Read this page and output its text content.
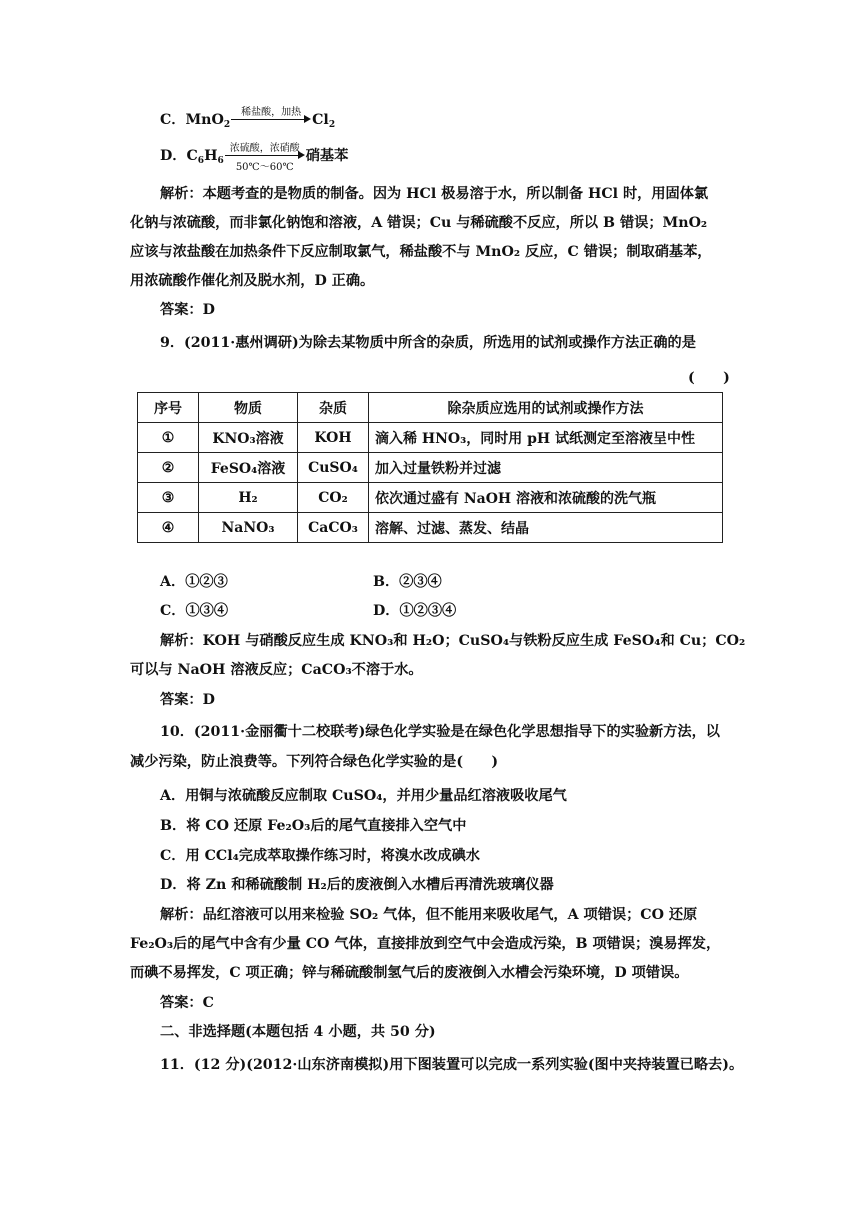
C．MnO$_2$
稀盐酸，加热 $Cl_2$
D．$C_6H_6$
浓硫酸，浓硝酸
50℃～60℃
硝基苯
解析：本题考查的是物质的制备。因为 HCl 极易溶于水，所以制备 HCl 时，用固体氯
化钠与浓硫酸，而非氯化钠饱和溶液，A 错误；Cu 与稀硫酸不反应，所以 B 错误；MnO₂
应该与浓盐酸在加热条件下反应制取氯气，稀盐酸不与 MnO₂ 反应，C 错误；制取硝基苯，
用浓硫酸作催化剂及脱水剂，D 正确。
答案：D
9．(2011·惠州调研)为除去某物质中所含的杂质，所选用的试剂或操作方法正确的是
(　　)
序号	物质	杂质	除杂质应选用的试剂或操作方法
①	KNO₃溶液	KOH	滴入稀 HNO₃，同时用 pH 试纸测定至溶液呈中性
②	FeSO₄溶液	CuSO₄	加入过量铁粉并过滤
③	H₂	CO₂	依次通过盛有 NaOH 溶液和浓硫酸的洗气瓶
④	NaNO₃	CaCO₃	溶解、过滤、蒸发、结晶
A．①②③	B．②③④
C．①③④	D．①②③④
解析：KOH 与硝酸反应生成 KNO₃和 H₂O；CuSO₄与铁粉反应生成 FeSO₄和 Cu；CO₂
可以与 NaOH 溶液反应；CaCO₃不溶于水。
答案：D
10．(2011·金丽衢十二校联考)绿色化学实验是在绿色化学思想指导下的实验新方法，以
减少污染，防止浪费等。下列符合绿色化学实验的是(　　)
A．用铜与浓硫酸反应制取 CuSO₄，并用少量品红溶液吸收尾气
B．将 CO 还原 Fe₂O₃后的尾气直接排入空气中
C．用 CCl₄完成萃取操作练习时，将溴水改成碘水
D．将 Zn 和稀硫酸制 H₂后的废液倒入水槽后再清洗玻璃仪器
解析：品红溶液可以用来检验 SO₂ 气体，但不能用来吸收尾气，A 项错误；CO 还原
Fe₂O₃后的尾气中含有少量 CO 气体，直接排放到空气中会造成污染，B 项错误；溴易挥发，
而碘不易挥发，C 项正确；锌与稀硫酸制氢气后的废液倒入水槽会污染环境，D 项错误。
答案：C
二、非选择题(本题包括 4 小题，共 50 分)
11．(12 分)(2012·山东济南模拟)用下图装置可以完成一系列实验(图中夹持装置已略去)。
